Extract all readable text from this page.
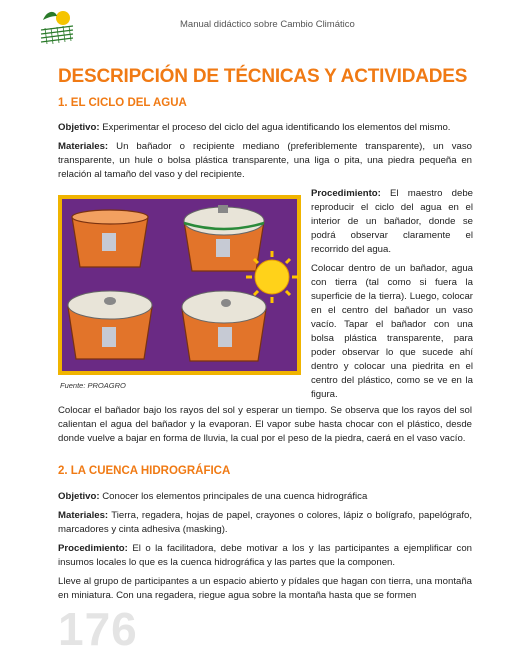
Manual didáctico sobre Cambio Climático
DESCRIPCIÓN DE TÉCNICAS Y ACTIVIDADES
1. EL CICLO DEL AGUA

Objetivo: Experimentar el proceso del ciclo del agua identificando los elementos del mismo.

Materiales: Un bañador o recipiente mediano (preferiblemente transparente), un vaso transparente, un hule o bolsa plástica transparente, una liga o pita, una piedra pequeña en relación al tamaño del vaso y del recipiente.

Fuente: PROAGRO

Procedimiento: El maestro debe reproducir el ciclo del agua en el interior de un bañador, donde se podrá observar claramente el recorrido del agua.

Colocar dentro de un bañador, agua con tierra (tal como si fuera la superficie de la tierra). Luego, colocar en el centro del bañador un vaso vacío. Tapar el bañador con una bolsa plástica transparente, para poder observar lo que sucede ahí dentro y colocar una piedrita en el centro del plástico, como se ve en la figura.

Colocar el bañador bajo los rayos del sol y esperar un tiempo. Se observa que los rayos del sol calientan el agua del bañador y la evaporan. El vapor sube hasta chocar con el plástico, desde donde vuelve a bajar en forma de lluvia, la cual por el peso de la piedra, caerá en el vaso vacío.

2. LA CUENCA HIDROGRÁFICA

Objetivo: Conocer los elementos principales de una cuenca hidrográfica

Materiales: Tierra, regadera, hojas de papel, crayones o colores, lápiz o bolígrafo, papelógrafo, marcadores y cinta adhesiva (masking).

Procedimiento: El o la facilitadora, debe motivar a los y las participantes a ejemplificar con insumos locales lo que es la cuenca hidrográfica y las partes que la componen.

Lleve al grupo de participantes a un espacio abierto y pídales que hagan con tierra, una montaña en miniatura. Con una regadera, riegue agua sobre la montaña hasta que se formen

176
